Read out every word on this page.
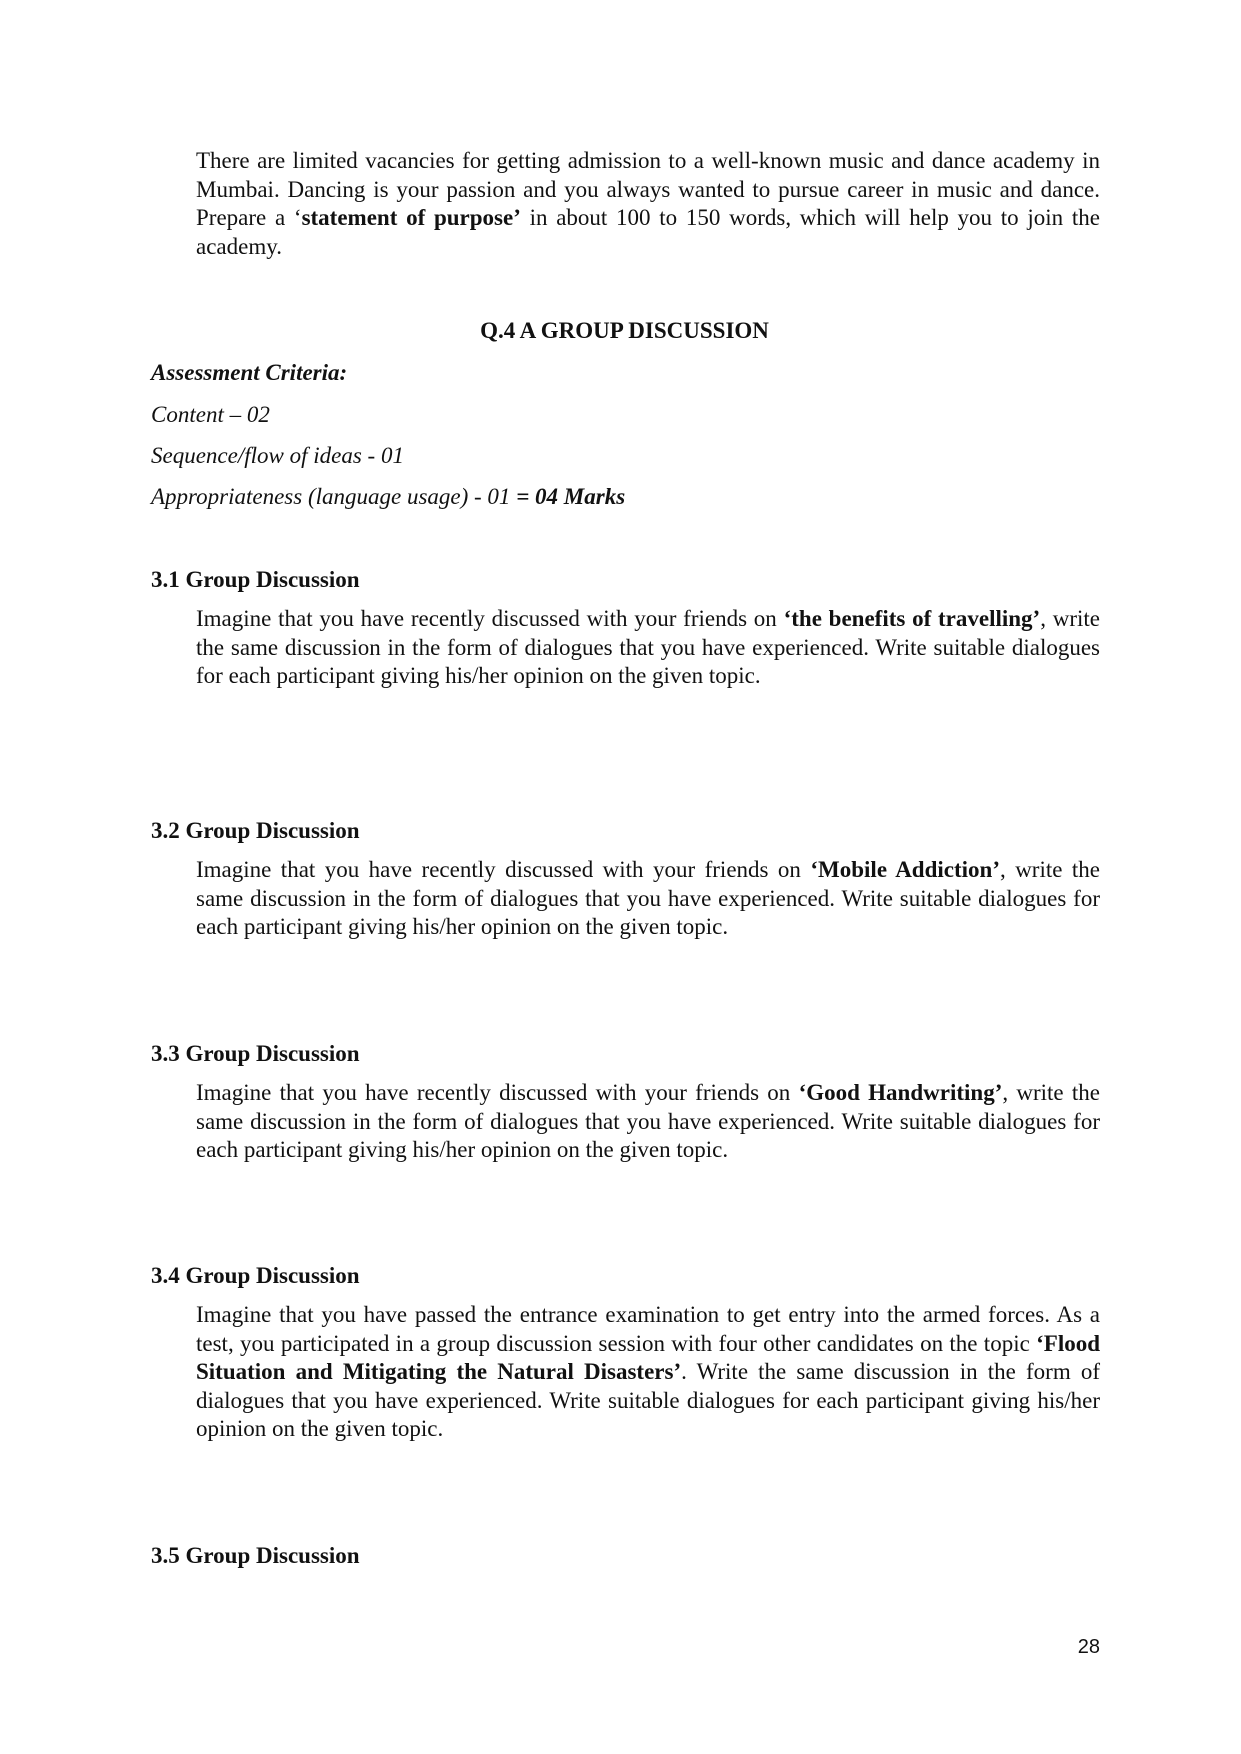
There are limited vacancies for getting admission to a well-known music and dance academy in Mumbai. Dancing is your passion and you always wanted to pursue career in music and dance. Prepare a ‘statement of purpose’ in about 100 to 150 words, which will help you to join the academy.

Q.4 A GROUP DISCUSSION
Assessment Criteria:
Content – 02
Sequence/flow of ideas - 01
Appropriateness (language usage) - 01 = 04 Marks
3.1 Group Discussion

Imagine that you have recently discussed with your friends on ‘the benefits of travelling’, write the same discussion in the form of dialogues that you have experienced. Write suitable dialogues for each participant giving his/her opinion on the given topic.

3.2 Group Discussion

Imagine that you have recently discussed with your friends on ‘Mobile Addiction’, write the same discussion in the form of dialogues that you have experienced. Write suitable dialogues for each participant giving his/her opinion on the given topic.

3.3 Group Discussion

Imagine that you have recently discussed with your friends on ‘Good Handwriting’, write the same discussion in the form of dialogues that you have experienced. Write suitable dialogues for each participant giving his/her opinion on the given topic.

3.4 Group Discussion

Imagine that you have passed the entrance examination to get entry into the armed forces. As a test, you participated in a group discussion session with four other candidates on the topic ‘Flood Situation and Mitigating the Natural Disasters’. Write the same discussion in the form of dialogues that you have experienced. Write suitable dialogues for each participant giving his/her opinion on the given topic.

3.5 Group Discussion
28
